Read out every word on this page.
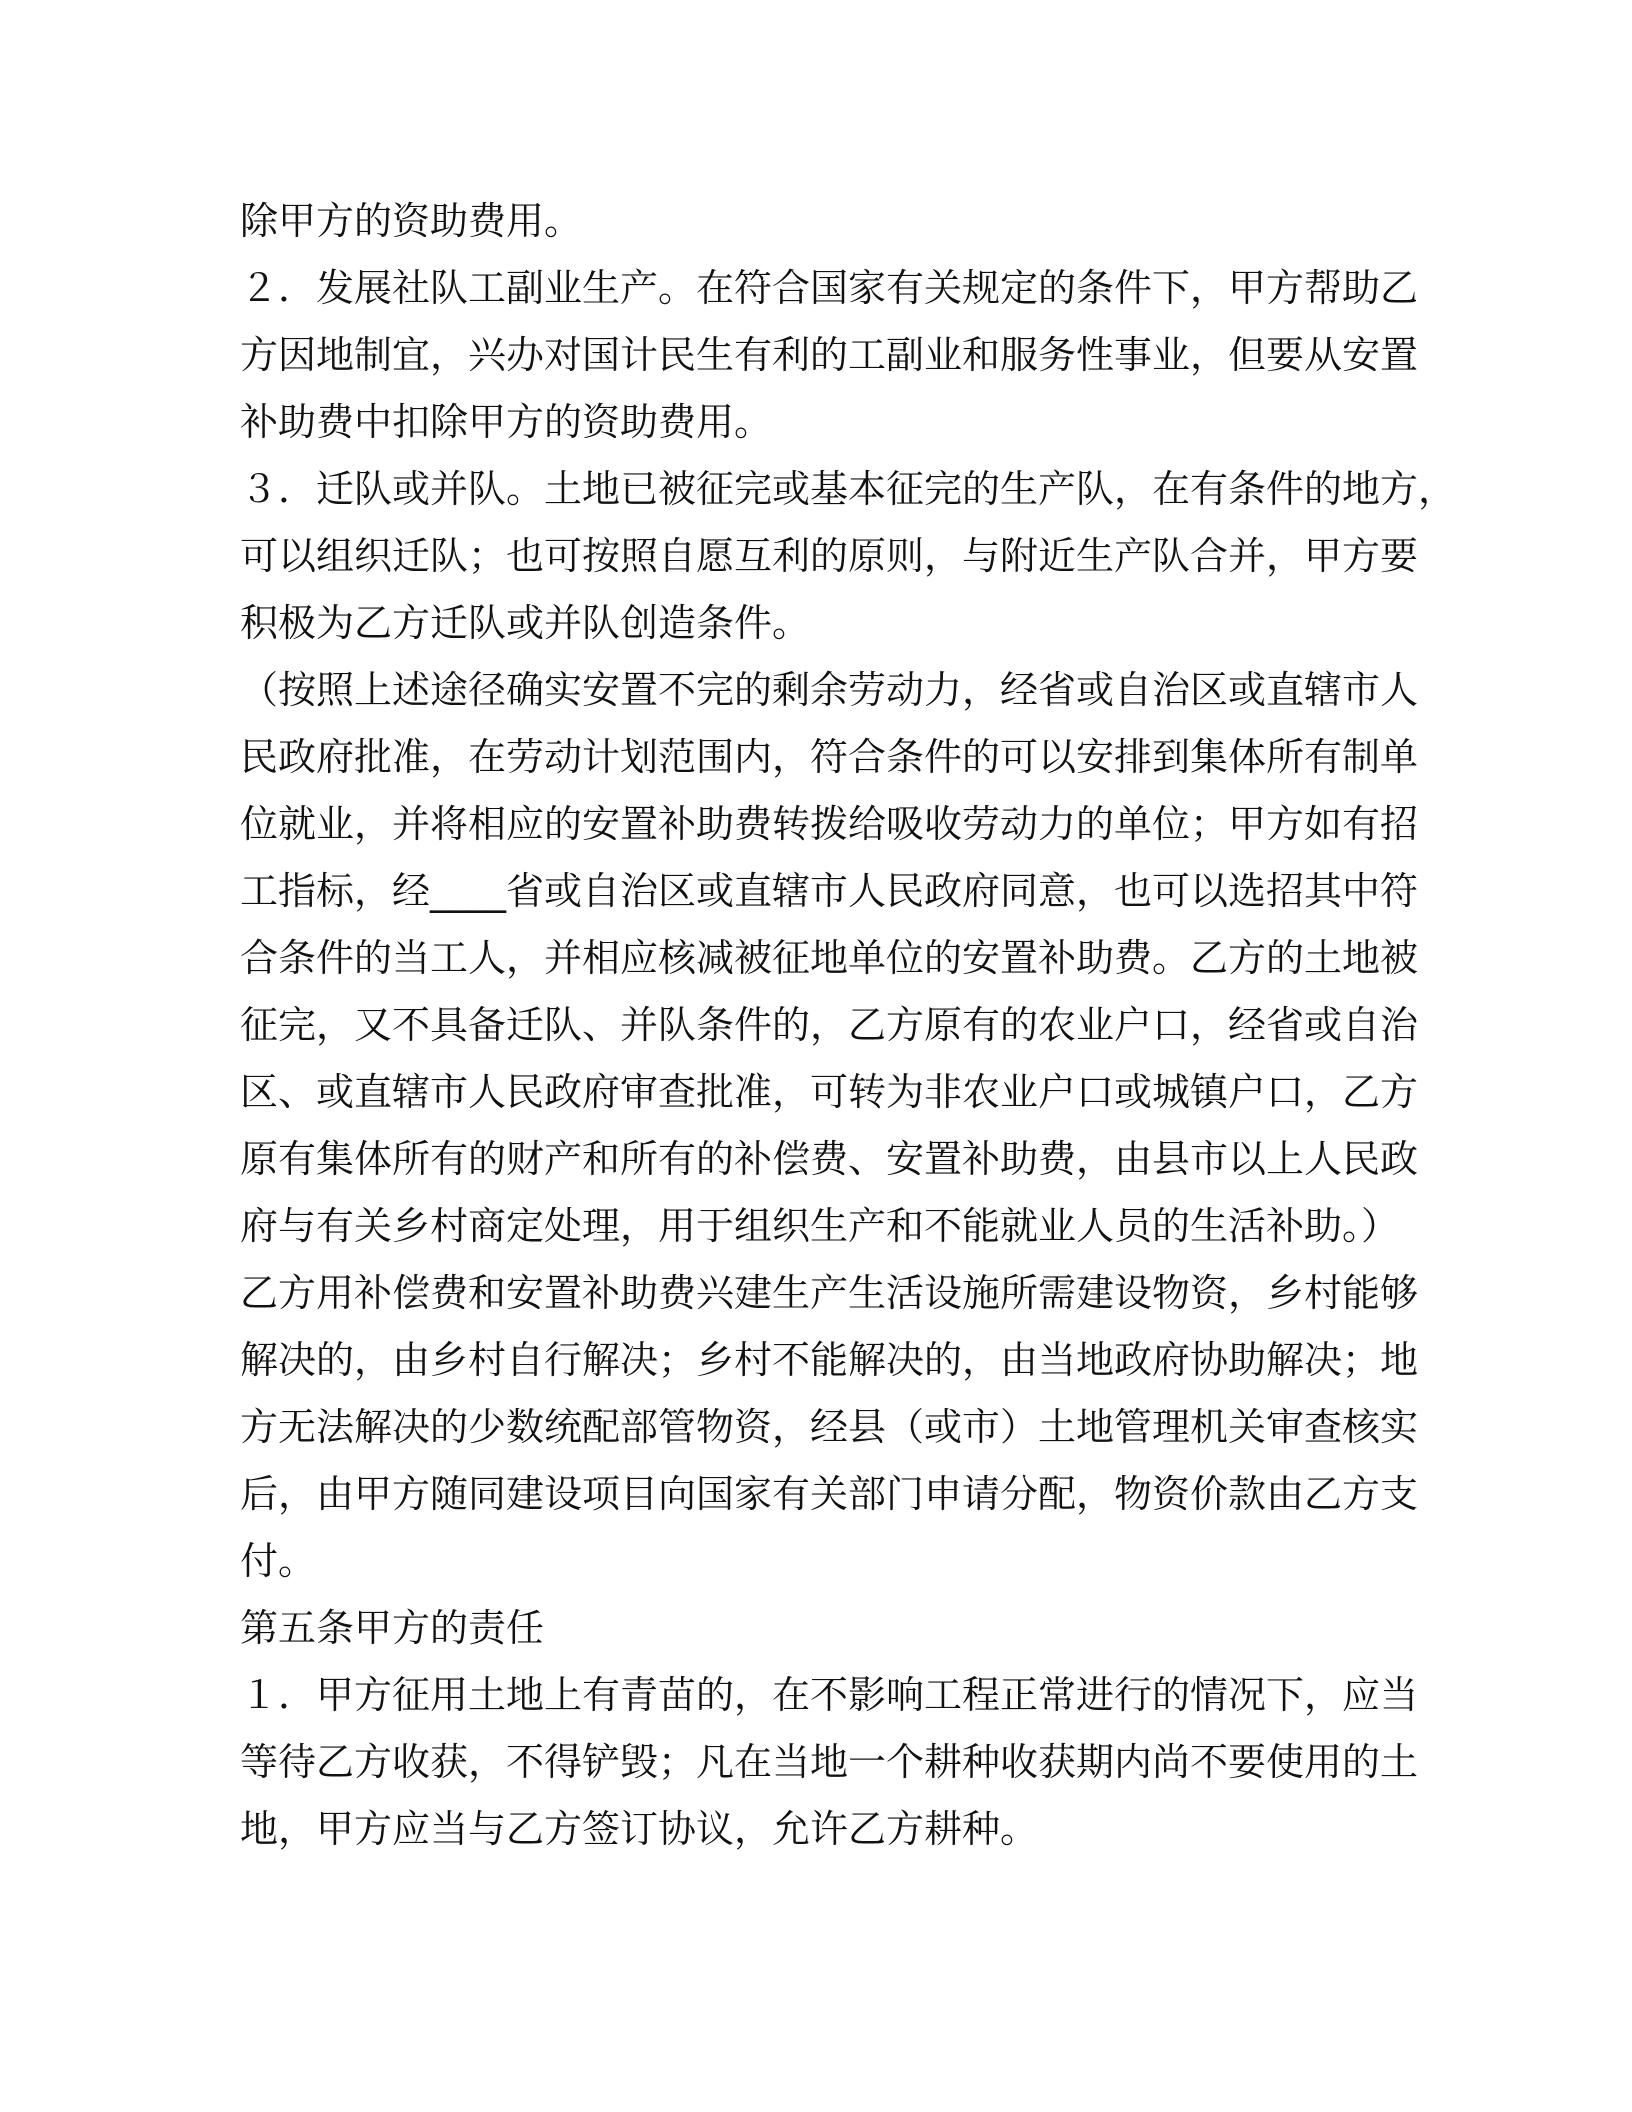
除甲方的资助费用。
２．发展社队工副业生产。在符合国家有关规定的条件下，甲方帮助乙
方因地制宜，兴办对国计民生有利的工副业和服务性事业，但要从安置
补助费中扣除甲方的资助费用。
３．迁队或并队。土地已被征完或基本征完的生产队，在有条件的地方，
可以组织迁队；也可按照自愿互利的原则，与附近生产队合并，甲方要
积极为乙方迁队或并队创造条件。
（按照上述途径确实安置不完的剩余劳动力，经省或自治区或直辖市人
民政府批准，在劳动计划范围内，符合条件的可以安排到集体所有制单
位就业，并将相应的安置补助费转拨给吸收劳动力的单位；甲方如有招
工指标，经____省或自治区或直辖市人民政府同意，也可以选招其中符
合条件的当工人，并相应核减被征地单位的安置补助费。乙方的土地被
征完，又不具备迁队、并队条件的，乙方原有的农业户口，经省或自治
区、或直辖市人民政府审查批准，可转为非农业户口或城镇户口，乙方
原有集体所有的财产和所有的补偿费、安置补助费，由县市以上人民政
府与有关乡村商定处理，用于组织生产和不能就业人员的生活补助。）
乙方用补偿费和安置补助费兴建生产生活设施所需建设物资，乡村能够
解决的，由乡村自行解决；乡村不能解决的，由当地政府协助解决；地
方无法解决的少数统配部管物资，经县（或市）土地管理机关审查核实
后，由甲方随同建设项目向国家有关部门申请分配，物资价款由乙方支
付。
第五条甲方的责任
１．甲方征用土地上有青苗的，在不影响工程正常进行的情况下，应当
等待乙方收获，不得铲毁；凡在当地一个耕种收获期内尚不要使用的土
地，甲方应当与乙方签订协议，允许乙方耕种。
